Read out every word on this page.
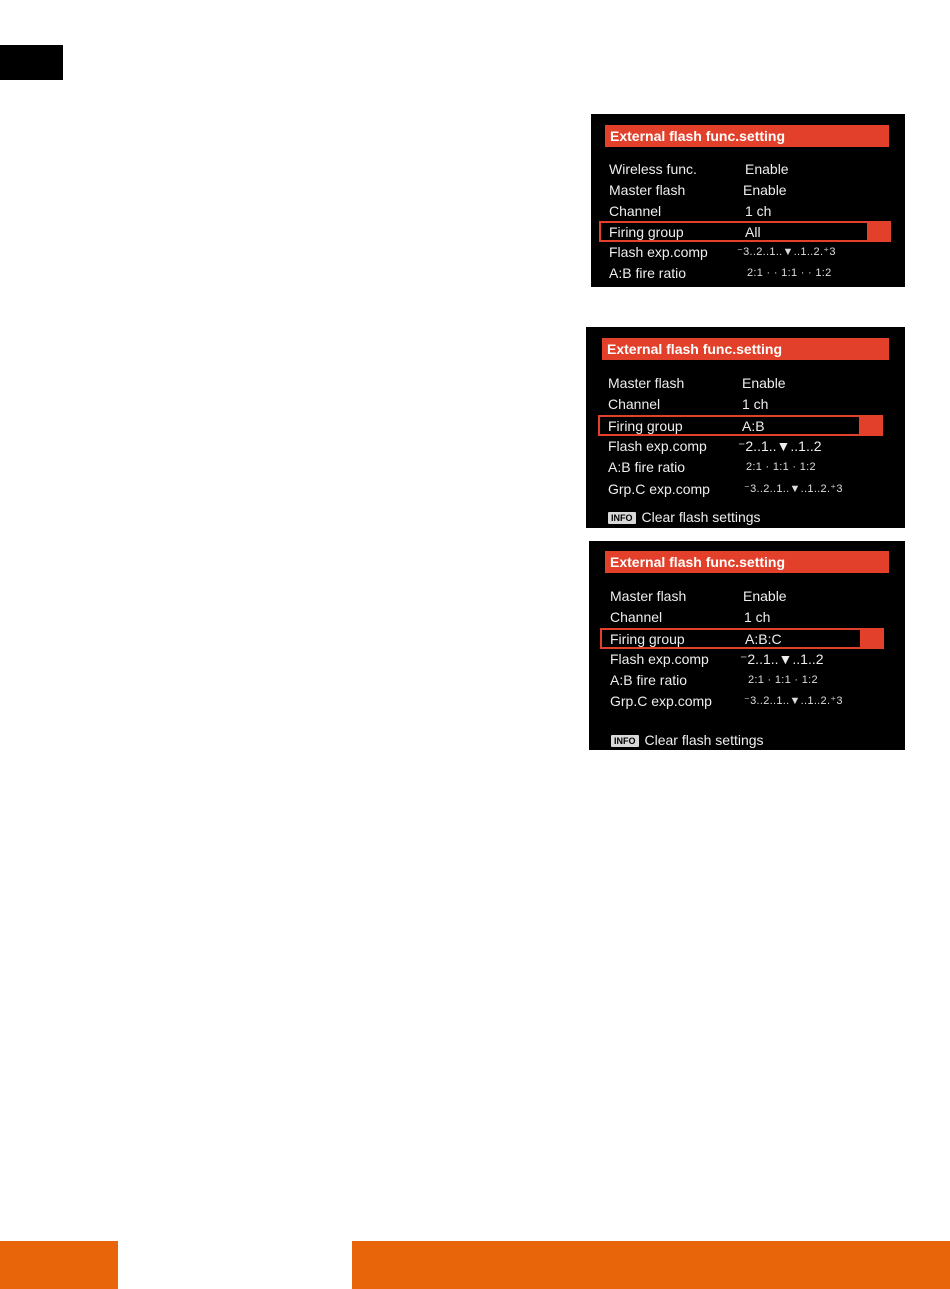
External flash func.setting
Wireless func.	Enable
Master flash	Enable
Channel	1 ch
Firing group	All
Flash exp.comp	⁻3..2..1..▼..1..2.⁺3
A:B fire ratio	2:1 · · 1:1 · · 1:2
External flash func.setting
Master flash	Enable
Channel	1 ch
Firing group	A:B
Flash exp.comp ⁻2..1..▼..1..2
A:B fire ratio	2:1 · 1:1 · 1:2
Grp.C exp.comp	⁻3..2..1..▼..1..2.⁺3
INFO Clear flash settings
External flash func.setting
Master flash	Enable
Channel	1 ch
Firing group	A:B:C
Flash exp.comp ⁻2..1..▼..1..2
A:B fire ratio	2:1 · 1:1 · 1:2
Grp.C exp.comp	⁻3..2..1..▼..1..2.⁺3
INFO Clear flash settings
